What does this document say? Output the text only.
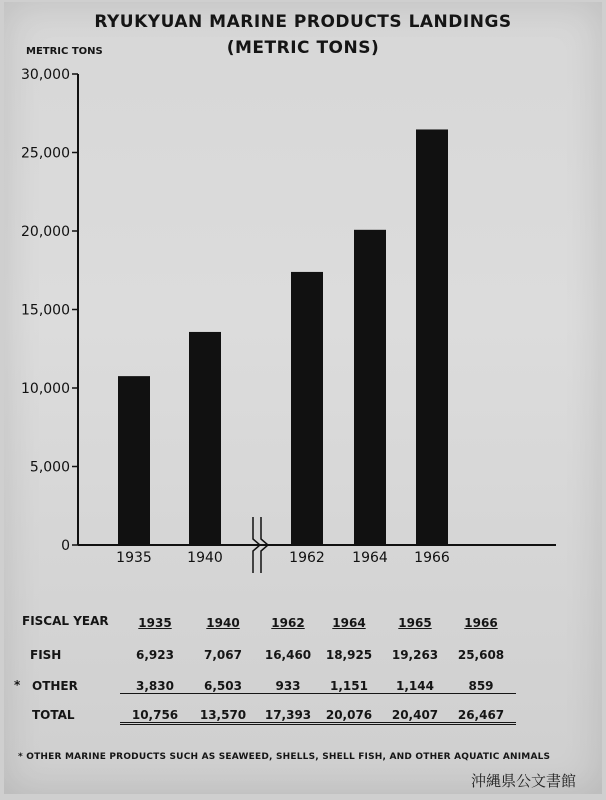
RYUKYUAN MARINE PRODUCTS LANDINGS
(METRIC TONS)
METRIC TONS
0
5,000
10,000
15,000
20,000
25,000
30,000
1935	1940	1962 1964 1966
FISCAL YEAR	1935	1940	1962	1964	1965	1966
FISH	6,923	7,067	16,460	18,925	19,263	25,608
OTHER	3,830	6,503	933	1,151	1,144	859
TOTAL	10,756	13,570	17,393	20,076	20,407	26,467
*
* OTHER MARINE PRODUCTS SUCH AS SEAWEED, SHELLS, SHELL FISH, AND OTHER AQUATIC ANIMALS
沖縄県公文書館
